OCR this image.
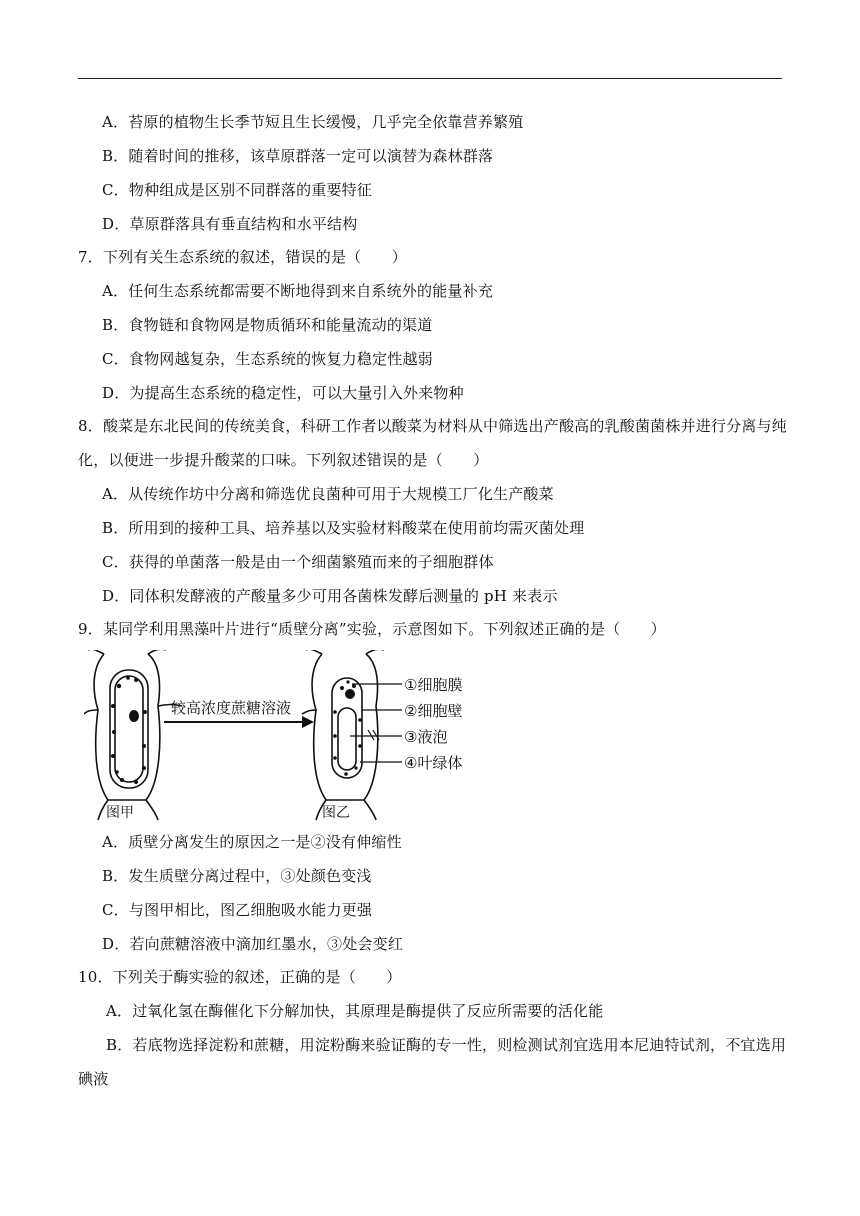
A．苔原的植物生长季节短且生长缓慢，几乎完全依靠营养繁殖
B．随着时间的推移，该草原群落一定可以演替为森林群落
C．物种组成是区别不同群落的重要特征
D．草原群落具有垂直结构和水平结构
7．下列有关生态系统的叙述，错误的是（　　）
A．任何生态系统都需要不断地得到来自系统外的能量补充
B．食物链和食物网是物质循环和能量流动的渠道
C．食物网越复杂，生态系统的恢复力稳定性越弱
D．为提高生态系统的稳定性，可以大量引入外来物种
8．酸菜是东北民间的传统美食，科研工作者以酸菜为材料从中筛选出产酸高的乳酸菌菌株并进行分离与纯
化，以便进一步提升酸菜的口味。下列叙述错误的是（　　）
A．从传统作坊中分离和筛选优良菌种可用于大规模工厂化生产酸菜
B．所用到的接种工具、培养基以及实验材料酸菜在使用前均需灭菌处理
C．获得的单菌落一般是由一个细菌繁殖而来的子细胞群体
D．同体积发酵液的产酸量多少可用各菌株发酵后测量的 pH 来表示
9．某同学利用黑藻叶片进行“质壁分离”实验，示意图如下。下列叙述正确的是（　　）
较高浓度蔗糖溶液
①细胞膜
②细胞壁
③液泡
④叶绿体
图甲	图乙
A．质壁分离发生的原因之一是②没有伸缩性
B．发生质壁分离过程中，③处颜色变浅
C．与图甲相比，图乙细胞吸水能力更强
D．若向蔗糖溶液中滴加红墨水，③处会变红
10．下列关于酶实验的叙述，正确的是（　　）
A．过氧化氢在酶催化下分解加快，其原理是酶提供了反应所需要的活化能
B．若底物选择淀粉和蔗糖，用淀粉酶来验证酶的专一性，则检测试剂宜选用本尼迪特试剂，不宜选用
碘液
